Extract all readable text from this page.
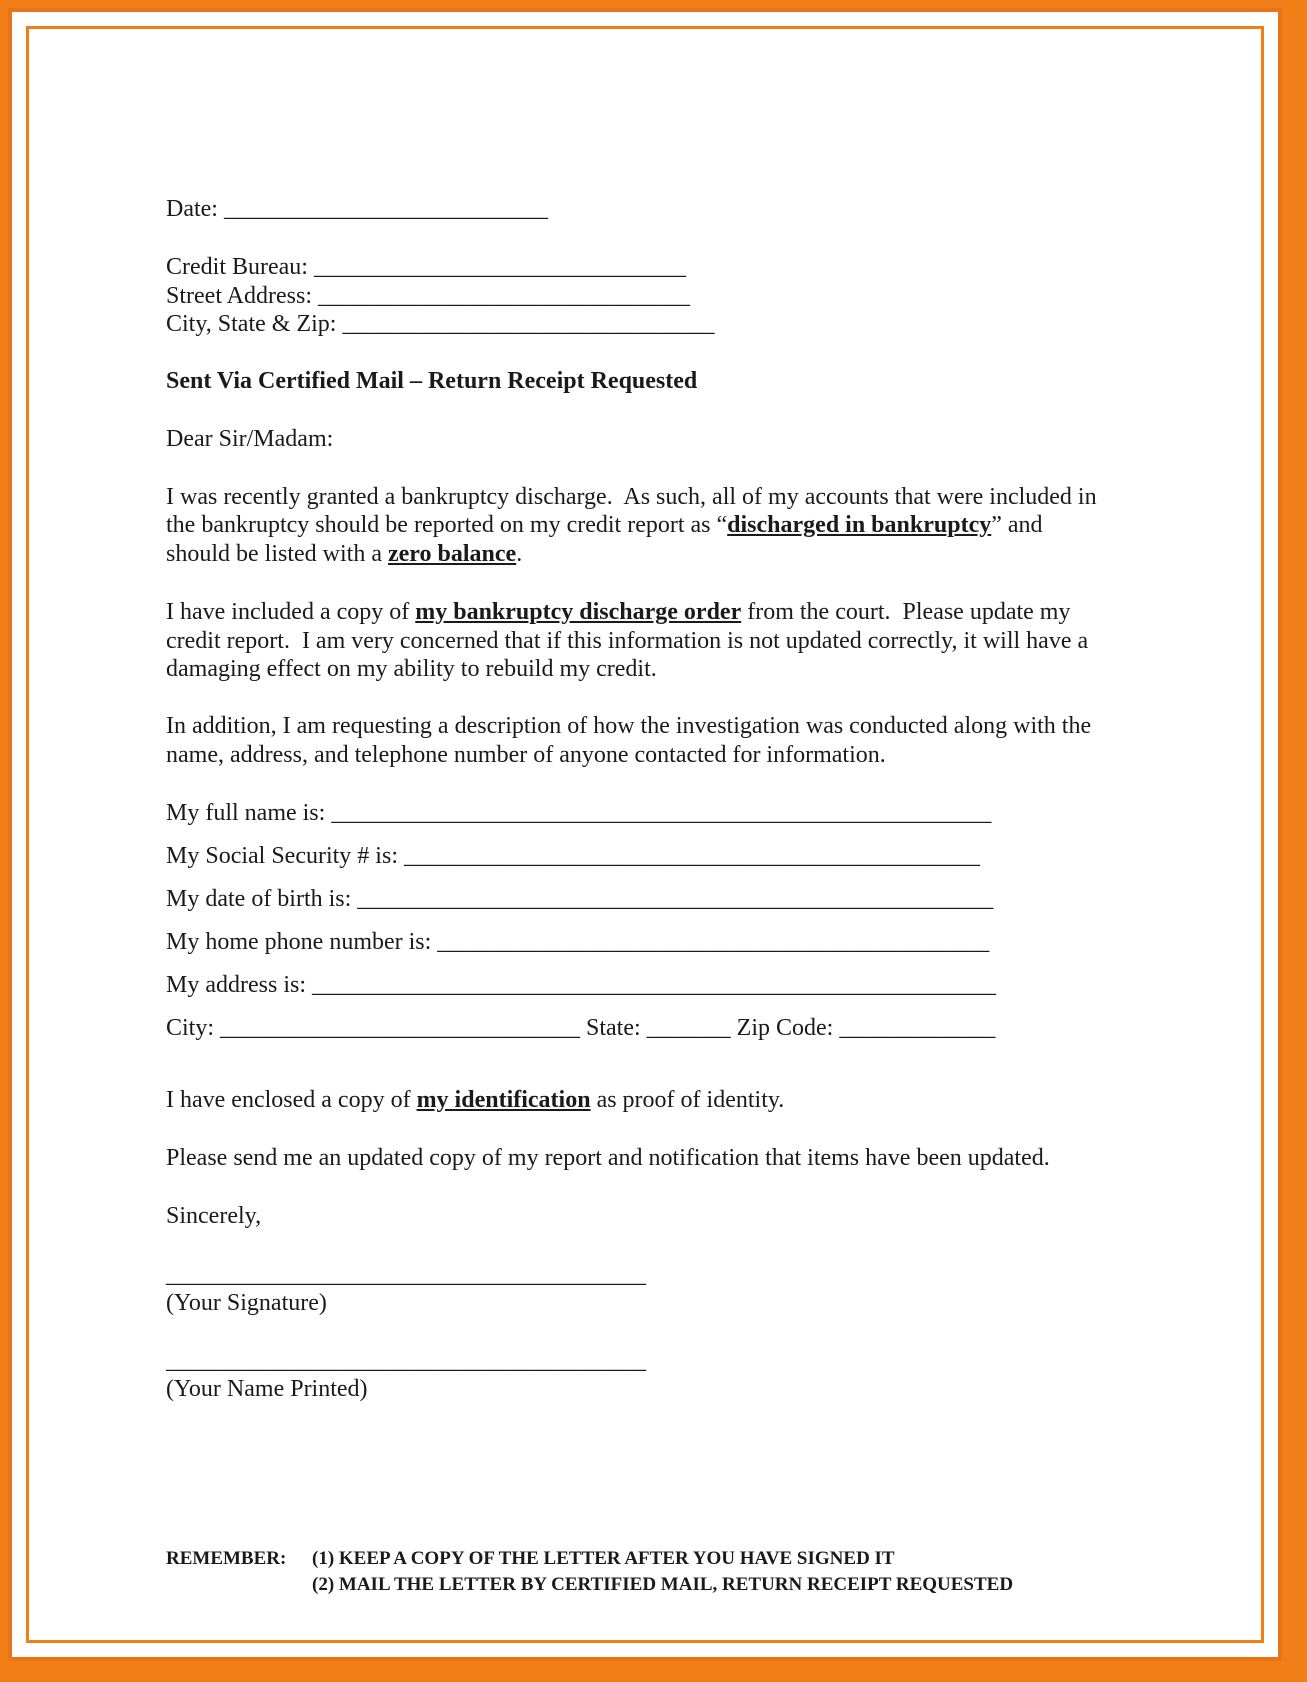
Date: ___________________________
Credit Bureau: _______________________________
Street Address: _______________________________
City, State & Zip: _______________________________
Sent Via Certified Mail – Return Receipt Requested
Dear Sir/Madam:
I was recently granted a bankruptcy discharge.  As such, all of my accounts that were included in
the bankruptcy should be reported on my credit report as “discharged in bankruptcy” and
should be listed with a zero balance.
I have included a copy of my bankruptcy discharge order from the court.  Please update my
credit report.  I am very concerned that if this information is not updated correctly, it will have a
damaging effect on my ability to rebuild my credit.
In addition, I am requesting a description of how the investigation was conducted along with the
name, address, and telephone number of anyone contacted for information.
My full name is: _______________________________________________________
My Social Security # is: ________________________________________________
My date of birth is: _____________________________________________________
My home phone number is: ______________________________________________
My address is: _________________________________________________________
City: ______________________________ State: _______ Zip Code: _____________
I have enclosed a copy of my identification as proof of identity.
Please send me an updated copy of my report and notification that items have been updated.
Sincerely,
________________________________________
(Your Signature)
________________________________________
(Your Name Printed)
REMEMBER: (1) KEEP A COPY OF THE LETTER AFTER YOU HAVE SIGNED IT
(2) MAIL THE LETTER BY CERTIFIED MAIL, RETURN RECEIPT REQUESTED
